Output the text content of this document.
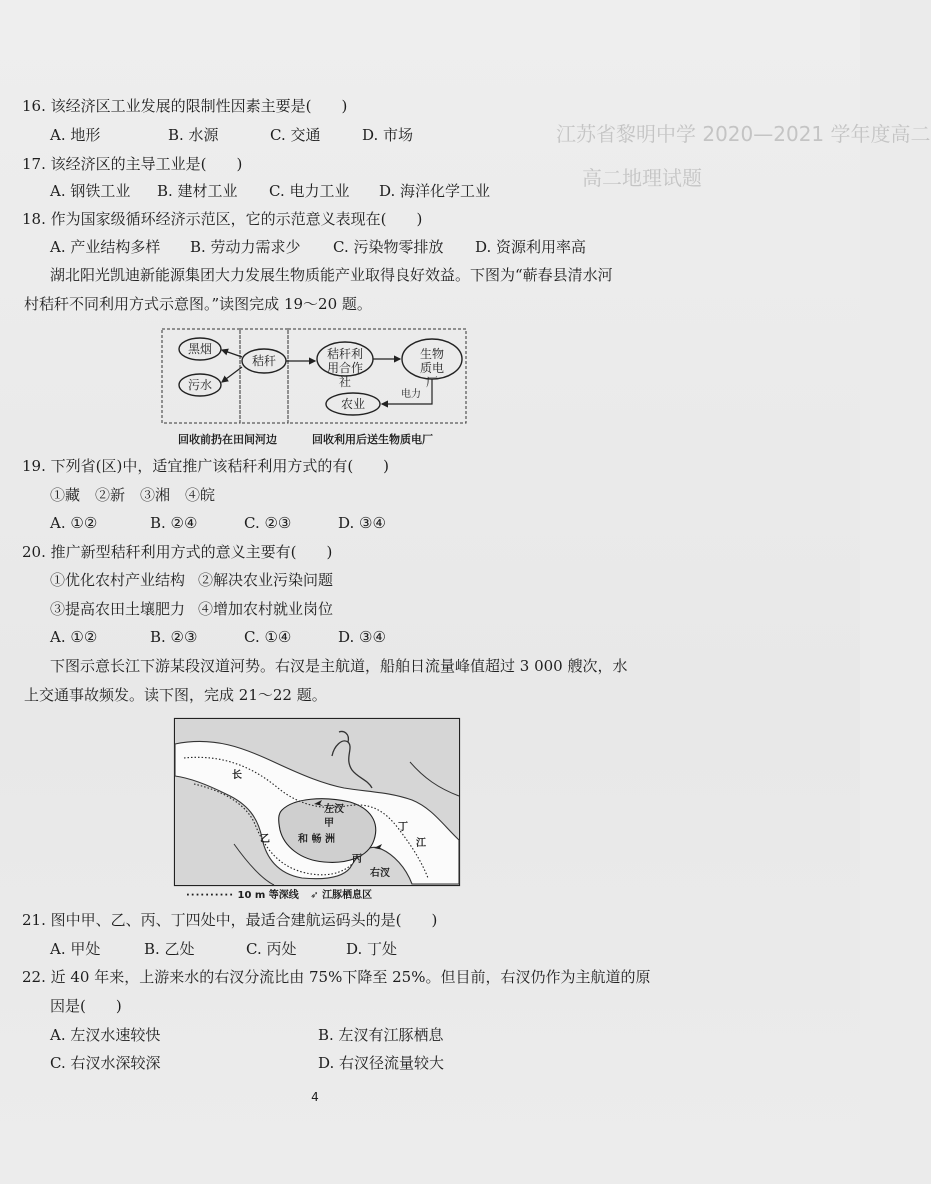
江苏省黎明中学 2020—2021 学年度高二
高二地理试题
16. 该经济区工业发展的限制性因素主要是(　　)
A. 地形	B. 水源	C. 交通	D. 市场
17. 该经济区的主导工业是(　　)
A. 钢铁工业 B. 建材工业 C. 电力工业 D. 海洋化学工业
18. 作为国家级循环经济示范区，它的示范意义表现在(　　)
A. 产业结构多样 B. 劳动力需求少 C. 污染物零排放 D. 资源利用率高
湖北阳光凯迪新能源集团大力发展生物质能产业取得良好效益。下图为“蕲春县清水河
村秸秆不同利用方式示意图。”读图完成 19～20 题。
黑烟
污水
秸秆	秸秆利用合作社
生物质电厂
农业
电力
回收前扔在田间河边	回收利用后送生物质电厂
19. 下列省(区)中，适宜推广该秸秆利用方式的有(　　)
①藏　②新　③湘　④皖
A. ①②	B. ②④	C. ②③	D. ③④
20. 推广新型秸秆利用方式的意义主要有(　　)
①优化农村产业结构 ②解决农业污染问题
③提高农田土壤肥力 ④增加农村就业岗位
A. ①②	B. ②③	C. ①④	D. ③④
下图示意长江下游某段汊道河势。右汊是主航道，船舶日流量峰值超过 3 000 艘次，水
上交通事故频发。读下图，完成 21～22 题。
长
左汊
甲
乙	和 畅 洲
丁
江
丙
右汊
·········· 10 m 等深线 ➶ 江豚栖息区
21. 图中甲、乙、丙、丁四处中，最适合建航运码头的是(　　)
A. 甲处	B. 乙处	C. 丙处	D. 丁处
22. 近 40 年来，上游来水的右汊分流比由 75%下降至 25%。但目前，右汊仍作为主航道的原
因是(　　)
A. 左汊水速较快	B. 左汊有江豚栖息
C. 右汊水深较深	D. 右汊径流量较大
4
